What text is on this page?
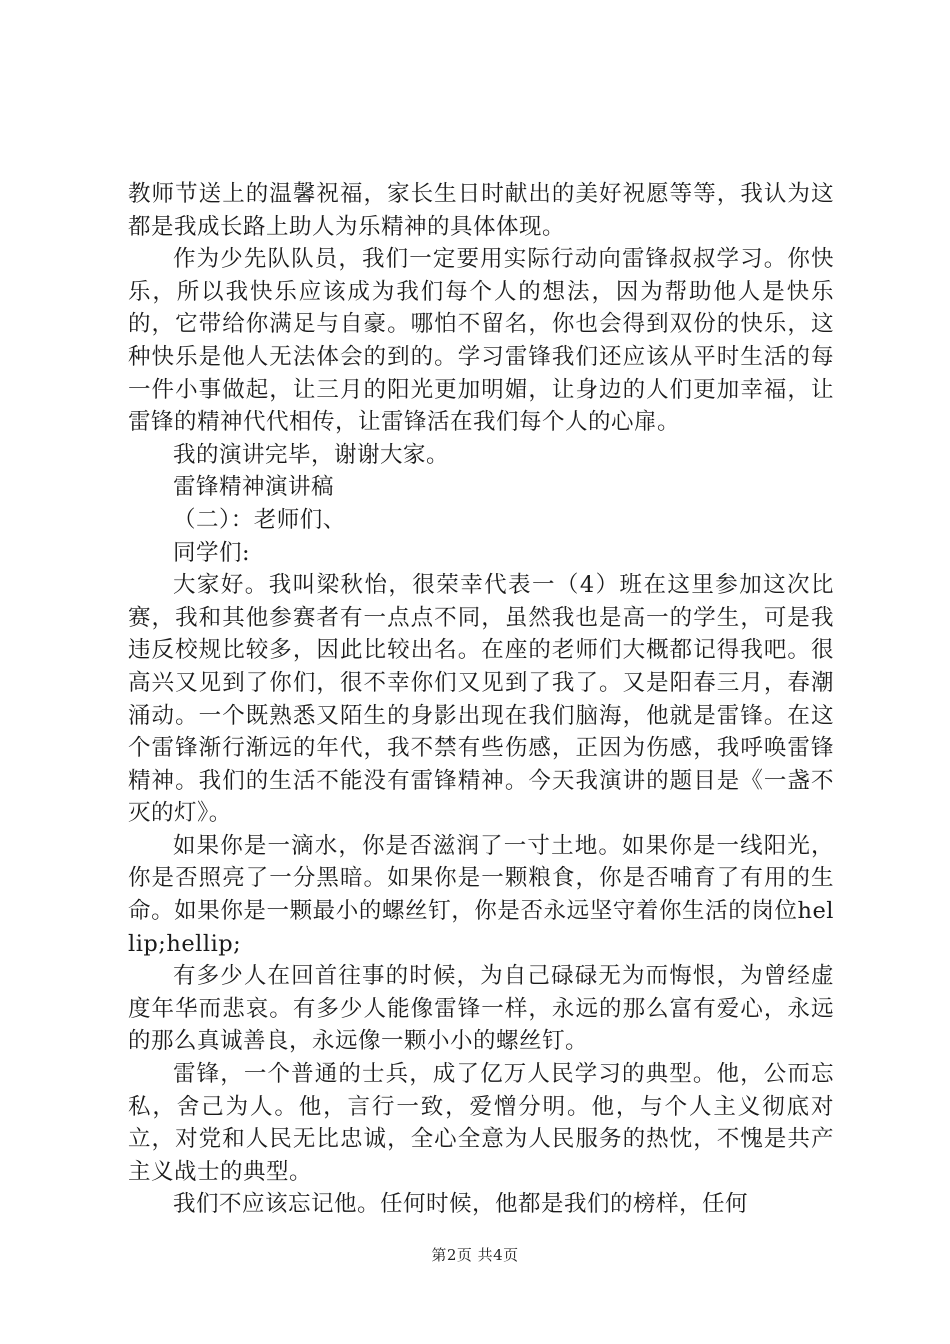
教师节送上的温馨祝福，家长生日时献出的美好祝愿等等，我认为这都是我成长路上助人为乐精神的具体体现。

作为少先队队员，我们一定要用实际行动向雷锋叔叔学习。你快乐，所以我快乐应该成为我们每个人的想法，因为帮助他人是快乐的，它带给你满足与自豪。哪怕不留名，你也会得到双份的快乐，这种快乐是他人无法体会的到的。学习雷锋我们还应该从平时生活的每一件小事做起，让三月的阳光更加明媚，让身边的人们更加幸福，让雷锋的精神代代相传，让雷锋活在我们每个人的心扉。

我的演讲完毕，谢谢大家。

雷锋精神演讲稿

（二）：老师们、

同学们:

大家好。我叫梁秋怡，很荣幸代表一（4）班在这里参加这次比赛，我和其他参赛者有一点点不同，虽然我也是高一的学生，可是我违反校规比较多，因此比较出名。在座的老师们大概都记得我吧。很高兴又见到了你们，很不幸你们又见到了我了。又是阳春三月，春潮涌动。一个既熟悉又陌生的身影出现在我们脑海，他就是雷锋。在这个雷锋渐行渐远的年代，我不禁有些伤感，正因为伤感，我呼唤雷锋精神。我们的生活不能没有雷锋精神。今天我演讲的题目是《一盏不灭的灯》。

如果你是一滴水，你是否滋润了一寸土地。如果你是一线阳光，你是否照亮了一分黑暗。如果你是一颗粮食，你是否哺育了有用的生命。如果你是一颗最小的螺丝钉，你是否永远坚守着你生活的岗位hellip;hellip;

有多少人在回首往事的时候，为自己碌碌无为而悔恨，为曾经虚度年华而悲哀。有多少人能像雷锋一样，永远的那么富有爱心，永远的那么真诚善良，永远像一颗小小的螺丝钉。

雷锋，一个普通的士兵，成了亿万人民学习的典型。他，公而忘私，舍己为人。他，言行一致，爱憎分明。他，与个人主义彻底对立，对党和人民无比忠诚，全心全意为人民服务的热忱，不愧是共产主义战士的典型。

我们不应该忘记他。任何时候，他都是我们的榜样，任何

第2页 共4页
